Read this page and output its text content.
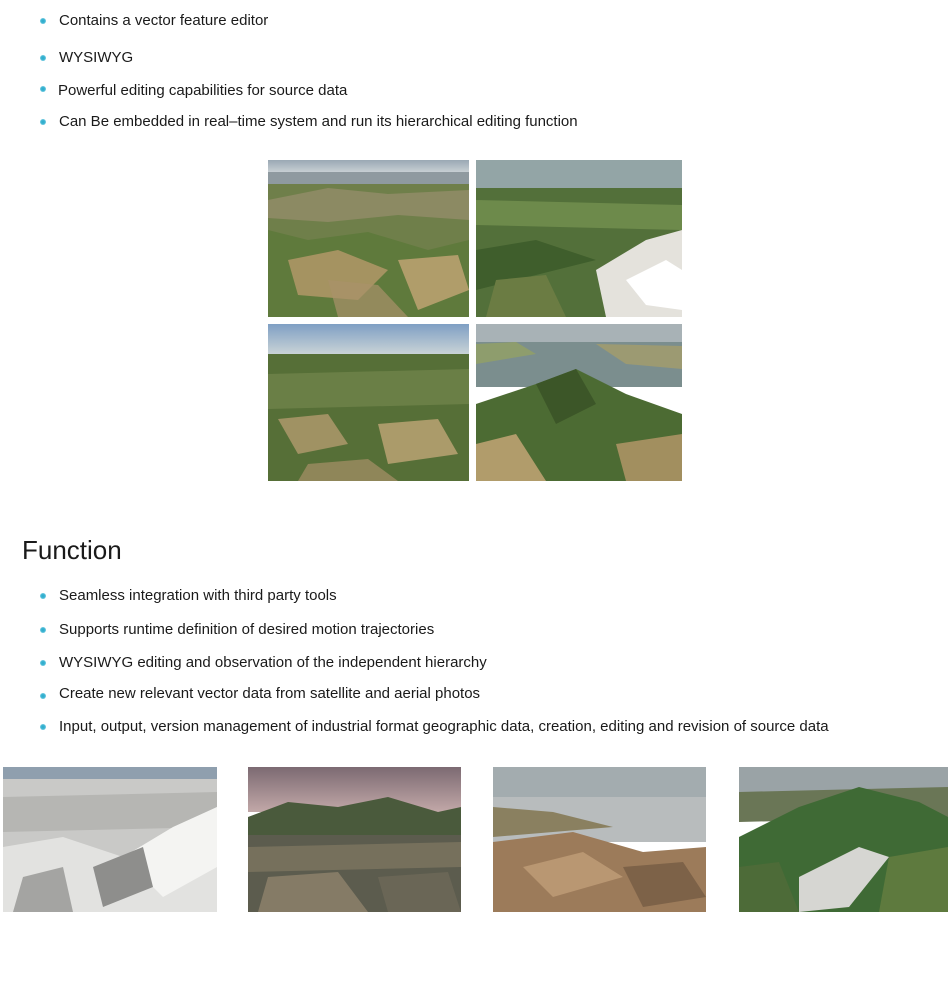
Contains a vector feature editor
WYSIWYG
Powerful editing capabilities for source data
Can Be embedded in real–time system and run its hierarchical editing function
Function
Seamless integration with third party tools
Supports runtime definition of desired motion trajectories
WYSIWYG editing and observation of the independent hierarchy
Create new relevant vector data from satellite and aerial photos
Input, output, version management of industrial format geographic data, creation, editing and revision of source data
